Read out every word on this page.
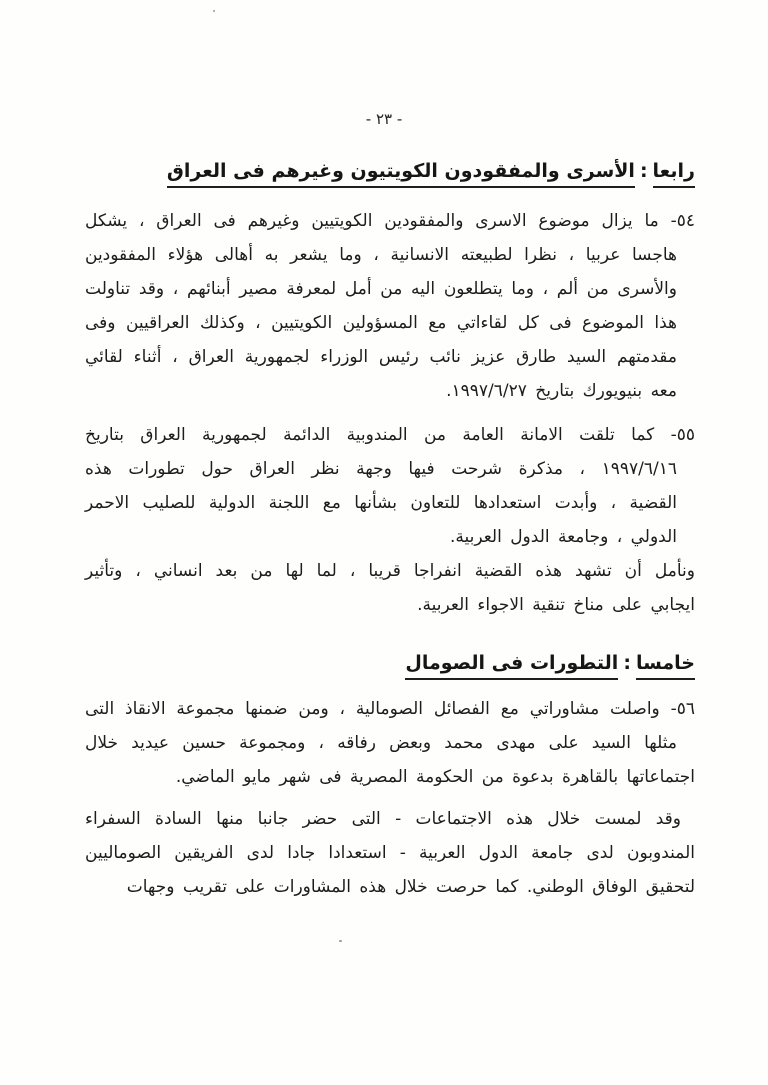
- ٢٣ -
رابعا:الأسرى والمفقودون الكويتيون وغيرهم فى العراق
٥٤- ما يزال موضوع الاسرى والمفقودين الكويتيين وغيرهم فى العراق ، يشكل
هاجسا عربيا ، نظرا لطبيعته الانسانية ، وما يشعر به أهالى هؤلاء المفقودين
والأسرى من ألم ، وما يتطلعون اليه من أمل لمعرفة مصير أبنائهم ، وقد تناولت
هذا الموضوع فى كل لقاءاتي مع المسؤولين الكويتيين ، وكذلك العراقيين وفى
مقدمتهم السيد طارق عزيز نائب رئيس الوزراء لجمهورية العراق ، أثناء لقائي
معه بنيويورك بتاريخ ١٩٩٧/٦/٢٧.
٥٥- كما تلقت الامانة العامة من المندوبية الدائمة لجمهورية العراق بتاريخ
١٩٩٧/٦/١٦ ، مذكرة شرحت فيها وجهة نظر العراق حول تطورات هذه
القضية ، وأبدت استعدادها للتعاون بشأنها مع اللجنة الدولية للصليب الاحمر
الدولي ، وجامعة الدول العربية.
ونأمل أن تشهد هذه القضية انفراجا قريبا ، لما لها من بعد انساني ، وتأثير
ايجابي على مناخ تنقية الاجواء العربية.
خامسا:التطورات فى الصومال
٥٦- واصلت مشاوراتي مع الفصائل الصومالية ، ومن ضمنها مجموعة الانقاذ التى
مثلها السيد على مهدى محمد وبعض رفاقه ، ومجموعة حسين عيديد خلال
اجتماعاتها بالقاهرة بدعوة من الحكومة المصرية فى شهر مايو الماضي.
وقد لمست خلال هذه الاجتماعات - التى حضر جانبا منها السادة السفراء
المندوبون لدى جامعة الدول العربية - استعدادا جادا لدى الفريقين الصوماليين
لتحقيق الوفاق الوطني. كما حرصت خلال هذه المشاورات على تقريب وجهات
